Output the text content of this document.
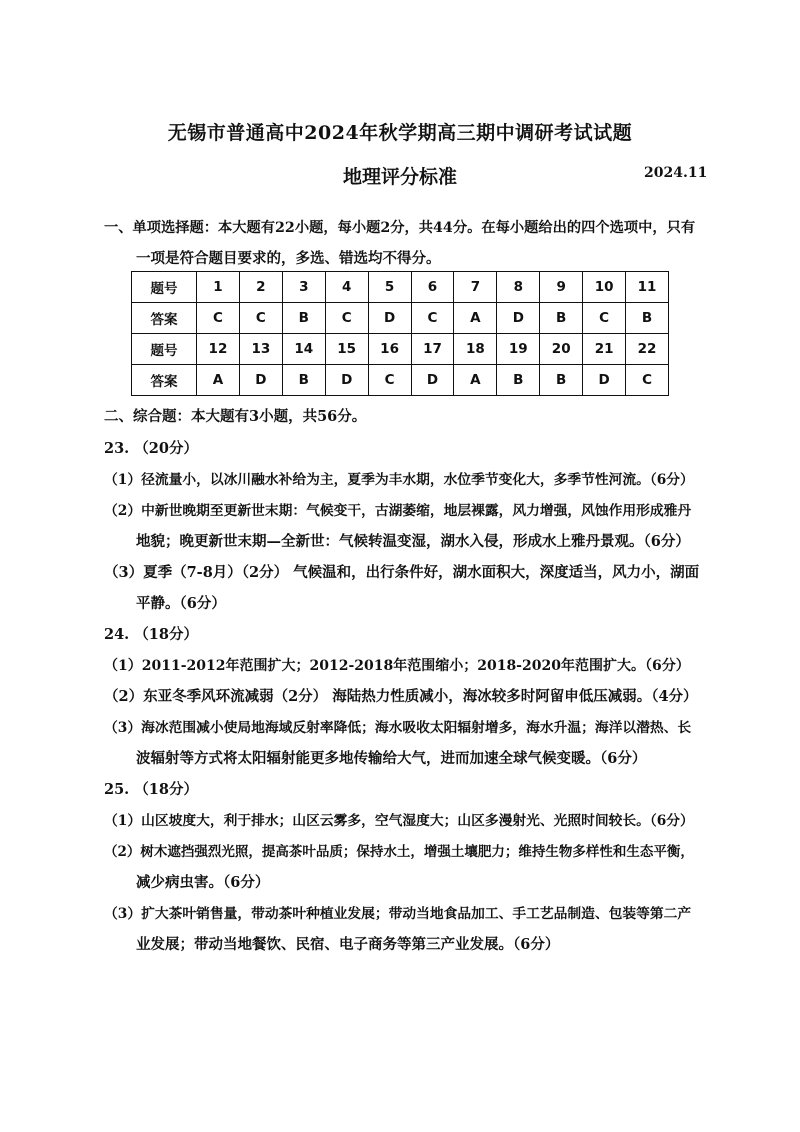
无锡市普通高中2024年秋学期高三期中调研考试试题
地理评分标准	2024.11
一、单项选择题：本大题有22小题，每小题2分，共44分。在每小题给出的四个选项中，只有
一项是符合题目要求的，多选、错选均不得分。
题号	1	2	3	4	5	6	7	8	9	10	11
答案	C	C	B	C	D	C	A	D	B	C	B
题号	12	13	14	15	16	17	18	19	20	21	22
答案	A	D	B	D	C	D	A	B	B	D	C
二、综合题：本大题有3小题，共56分。
23. （20分）
（1）径流量小，以冰川融水补给为主，夏季为丰水期，水位季节变化大，多季节性河流。（6分）
（2）中新世晚期至更新世末期：气候变干，古湖萎缩，地层裸露，风力增强，风蚀作用形成雅丹
地貌；晚更新世末期—全新世：气候转温变湿，湖水入侵，形成水上雅丹景观。（6分）
（3）夏季（7-8月）（2分） 气候温和，出行条件好，湖水面积大，深度适当，风力小，湖面
平静。（6分）
24. （18分）
（1）2011-2012年范围扩大；2012-2018年范围缩小；2018-2020年范围扩大。（6分）
（2）东亚冬季风环流减弱（2分） 海陆热力性质减小，海冰较多时阿留申低压减弱。（4分）
（3）海冰范围减小使局地海域反射率降低；海水吸收太阳辐射增多，海水升温；海洋以潜热、长
波辐射等方式将太阳辐射能更多地传输给大气，进而加速全球气候变暖。（6分）
25. （18分）
（1）山区坡度大，利于排水；山区云雾多，空气湿度大；山区多漫射光、光照时间较长。（6分）
（2）树木遮挡强烈光照，提高茶叶品质；保持水土，增强土壤肥力；维持生物多样性和生态平衡，
减少病虫害。（6分）
（3）扩大茶叶销售量，带动茶叶种植业发展；带动当地食品加工、手工艺品制造、包装等第二产
业发展；带动当地餐饮、民宿、电子商务等第三产业发展。（6分）
